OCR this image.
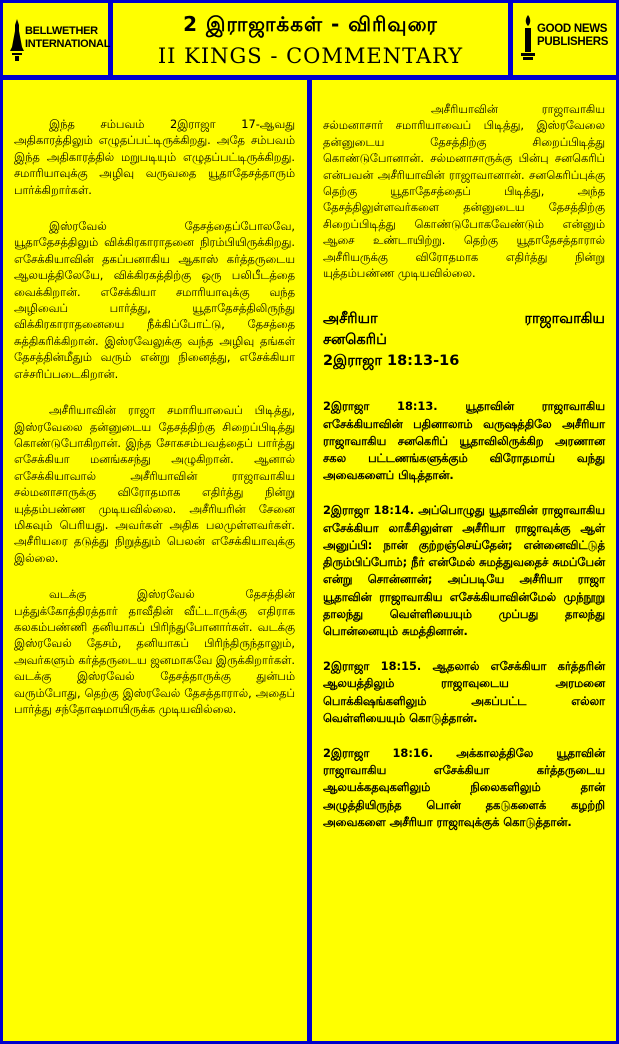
BELLWETHER
INTERNATIONAL
2 இராஜாக்கள் - விரிவுரை
II KINGS - COMMENTARY
GOOD NEWS
PUBLISHERS

இந்த சம்பவம் 2இராஜா 17-ஆவது அதிகாரத்திலும் எழுதப்பட்டிருக்கிறது. அதே சம்பவம் இந்த அதிகாரத்தில் மறுபடியும் எழுதப்பட்டிருக்கிறது. சமாரியாவுக்கு அழிவு வருவதை யூதாதேசத்தாரும் பார்க்கிறார்கள்.

இஸ்ரவேல் தேசத்தைப்போலவே, யூதாதேசத்திலும் விக்கிரகாராதனை நிரம்பியிருக்கிறது. எசேக்கியாவின் தகப்பனாகிய ஆகாஸ் கர்த்தருடைய ஆலயத்திலேயே, விக்கிரகத்திற்கு ஒரு பலிபீடத்தை வைக்கிறான். எசேக்கியா சமாரியாவுக்கு வந்த அழிவைப் பார்த்து, யூதாதேசத்திலிருந்து விக்கிரகாராதனையை நீக்கிப்போட்டு, தேசத்தை சுத்திகரிக்கிறான். இஸ்ரவேலுக்கு வந்த அழிவு தங்கள் தேசத்தின்மீதும் வரும் என்று நினைத்து, எசேக்கியா எச்சரிப்படைகிறான்.

அசீரியாவின் ராஜா சமாரியாவைப் பிடித்து, இஸ்ரவேலை தன்னுடைய தேசத்திற்கு சிறைப்பிடித்து கொண்டுபோகிறான். இந்த சோகசம்பவத்தைப் பார்த்து எசேக்கியா மனங்கசந்து அழுகிறான். ஆனால் எசேக்கியாவால் அசீரியாவின் ராஜாவாகிய சல்மனாசாருக்கு விரோதமாக எதிர்த்து நின்று யுத்தம்பண்ண முடியவில்லை. அசீரியரின் சேனை மிகவும் பெரியது. அவர்கள் அதிக பலமுள்ளவர்கள். அசீரியரை தடுத்து நிறுத்தும் பெலன் எசேக்கியாவுக்கு இல்லை.

வடக்கு இஸ்ரவேல் தேசத்தின் பத்துக்கோத்திரத்தார் தாவீதின் வீட்டாருக்கு எதிராக கலகம்பண்ணி தனியாகப் பிரிந்துபோனார்கள். வடக்கு இஸ்ரவேல் தேசம், தனியாகப் பிரிந்திருந்தாலும், அவர்களும் கர்த்தருடைய ஜனமாகவே இருக்கிறார்கள். வடக்கு இஸ்ரவேல் தேசத்தாருக்கு துன்பம் வரும்போது, தெற்கு இஸ்ரவேல் தேசத்தாரால், அதைப் பார்த்து சந்தோஷமாயிருக்க முடியவில்லை.

அசீரியாவின் ராஜாவாகிய சல்மனாசார் சமாரியாவைப் பிடித்து, இஸ்ரவேலை தன்னுடைய தேசத்திற்கு சிறைப்பிடித்து கொண்டுபோனான். சல்மனாசாருக்கு பின்பு சனகெரிப் என்பவன் அசீரியாவின் ராஜாவானான். சனகெரிப்புக்கு தெற்கு யூதாதேசத்தைப் பிடித்து, அந்த தேசத்திலுள்ளவர்களை தன்னுடைய தேசத்திற்கு சிறைப்பிடித்து கொண்டுபோகவேண்டும் என்னும் ஆசை உண்டாயிற்று. தெற்கு யூதாதேசத்தாரால் அசீரியருக்கு விரோதமாக எதிர்த்து நின்று யுத்தம்பண்ண முடியவில்லை.

அசீரியா	ராஜாவாகிய
சனகெரிப்
2இராஜா 18:13-16

2இராஜா 18:13. யூதாவின் ராஜாவாகிய எசேக்கியாவின் பதினாலாம் வருஷத்திலே அசீரியா ராஜாவாகிய சனகெரிப் யூதாவிலிருக்கிற அரணான சகல பட்டணங்களுக்கும் விரோதமாய் வந்து அவைகளைப் பிடித்தான்.

2இராஜா 18:14. அப்பொழுது யூதாவின் ராஜாவாகிய எசேக்கியா லாகீசிலுள்ள அசீரியா ராஜாவுக்கு ஆள் அனுப்பி: நான் குற்றஞ்செய்தேன்; என்னைவிட்டுத் திரும்பிப்போம்; நீர் என்மேல் சுமத்துவதைச் சுமப்பேன் என்று சொன்னான்; அப்படியே அசீரியா ராஜா யூதாவின் ராஜாவாகிய எசேக்கியாவின்மேல் முந்நூறு தாலந்து வெள்ளியையும் முப்பது தாலந்து பொன்னையும் சுமத்தினான்.

2இராஜா 18:15. ஆதலால் எசேக்கியா கர்த்தரின் ஆலயத்திலும் ராஜாவுடைய அரமனை பொக்கிஷங்களிலும் அகப்பட்ட எல்லா வெள்ளியையும் கொடுத்தான்.

2இராஜா 18:16. அக்காலத்திலே யூதாவின் ராஜாவாகிய எசேக்கியா கர்த்தருடைய ஆலயக்கதவுகளிலும் நிலைகளிலும் தான் அழுத்தியிருந்த பொன் தகடுகளைக் கழற்றி அவைகளை அசீரியா ராஜாவுக்குக் கொடுத்தான்.
